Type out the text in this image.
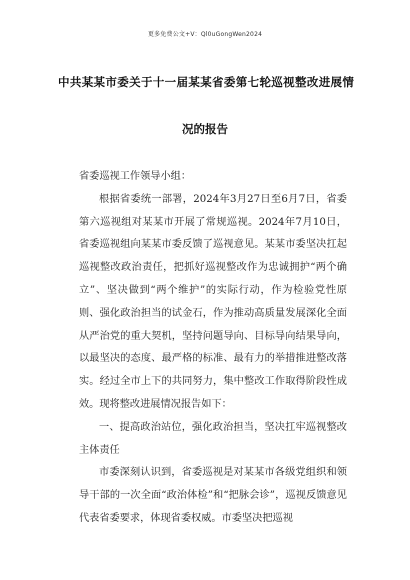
更多免费公文+V：Ql0uGongWen2024
中共某某市委关于十一届某某省委第七轮巡视整改进展情
况的报告

省委巡视工作领导小组：

根据省委统一部署，2024年3月27日至6月7日，省委第六巡视组对某某市开展了常规巡视。2024年7月10日，省委巡视组向某某市委反馈了巡视意见。某某市委坚决扛起巡视整改政治责任，把抓好巡视整改作为忠诚拥护“两个确立”、坚决做到“两个维护”的实际行动，作为检验党性原则、强化政治担当的试金石，作为推动高质量发展深化全面从严治党的重大契机，坚持问题导向、目标导向结果导向，以最坚决的态度、最严格的标准、最有力的举措推进整改落实。经过全市上下的共同努力，集中整改工作取得阶段性成效。现将整改进展情况报告如下：

一、提高政治站位，强化政治担当，坚决扛牢巡视整改主体责任

市委深刻认识到，省委巡视是对某某市各级党组织和领导干部的一次全面“政治体检”和“把脉会诊”，巡视反馈意见代表省委要求，体现省委权威。市委坚决把巡视
